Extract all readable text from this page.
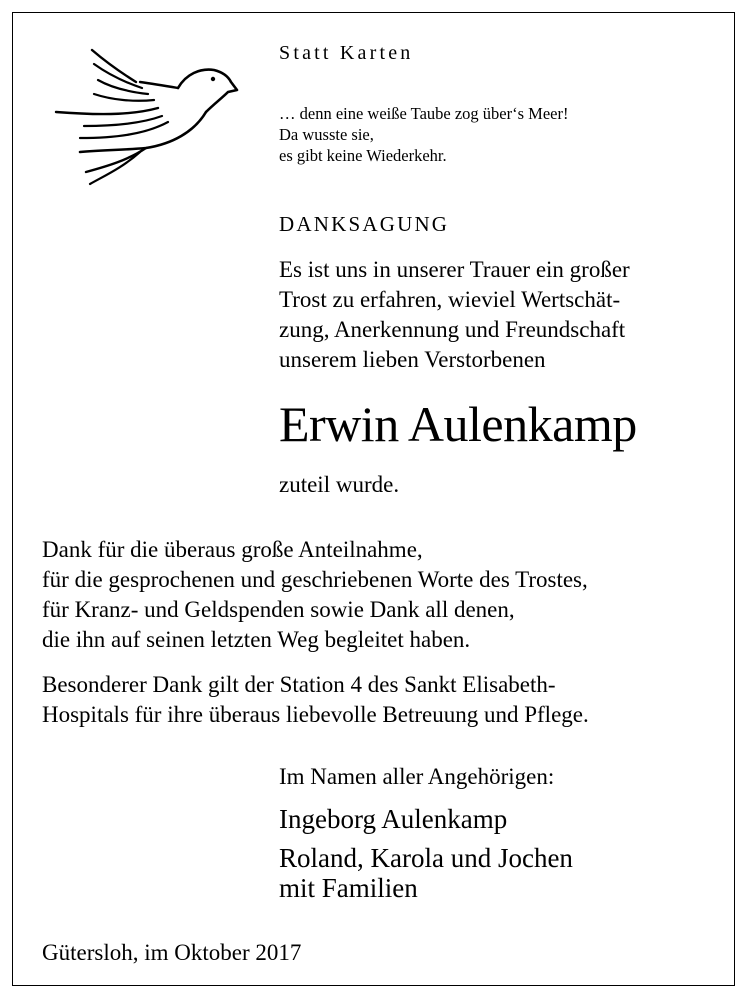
Statt Karten

… denn eine weiße Taube zog über‘s Meer!
Da wusste sie,
es gibt keine Wiederkehr.

DANKSAGUNG

Es ist uns in unserer Trauer ein großer
Trost zu erfahren, wieviel Wertschät-
zung, Anerkennung und Freundschaft
unserem lieben Verstorbenen

Erwin Aulenkamp

zuteil wurde.

Dank für die überaus große Anteilnahme,
für die gesprochenen und geschriebenen Worte des Trostes,
für Kranz- und Geldspenden sowie Dank all denen,
die ihn auf seinen letzten Weg begleitet haben.
Besonderer Dank gilt der Station 4 des Sankt Elisabeth-
Hospitals für ihre überaus liebevolle Betreuung und Pflege.

Im Namen aller Angehörigen:

Ingeborg Aulenkamp

Roland, Karola und Jochen
mit Familien

Gütersloh, im Oktober 2017
